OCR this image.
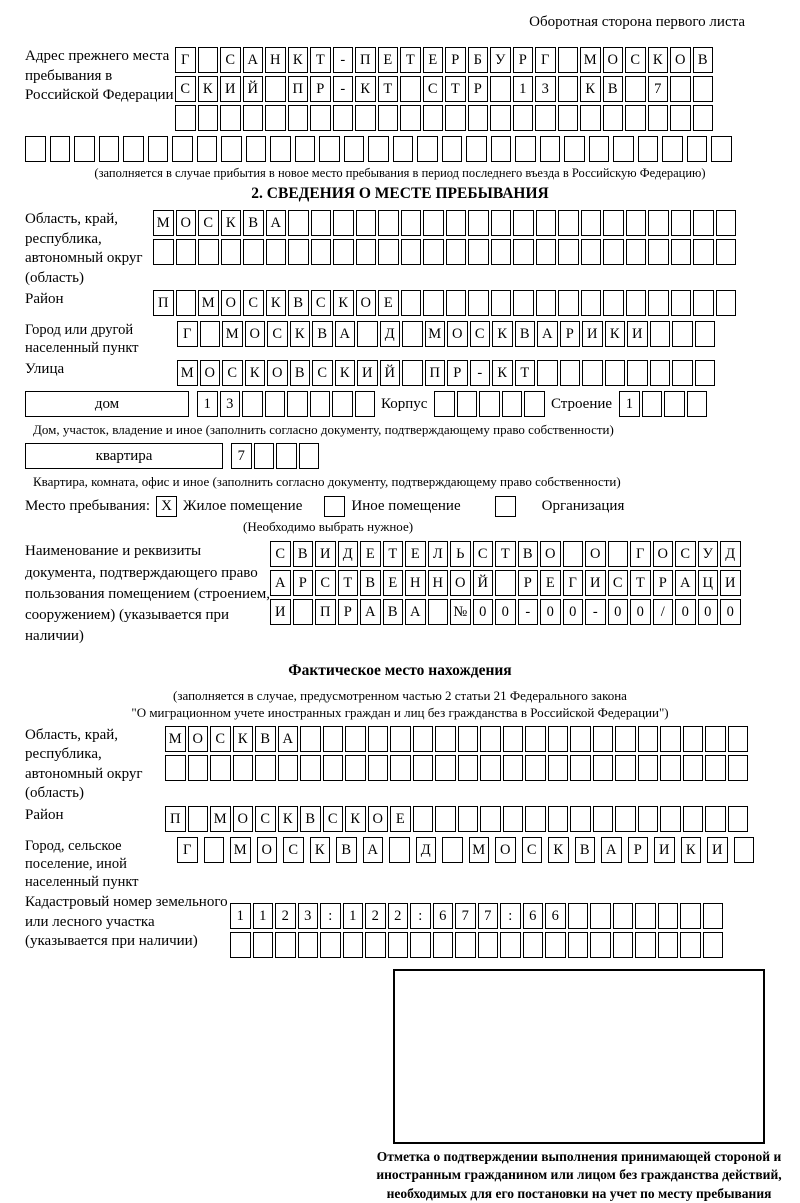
Оборотная сторона первого листа
Адрес прежнего места пребывания в Российской Федерации
Г С А Н К Т - П Е Т Е Р Б У Р Г М О С К О В
С К И Й П Р - К Т С Т Р	1 3	К В	7
(заполняется в случае прибытия в новое место пребывания в период последнего въезда в Российскую Федерацию)
2. СВЕДЕНИЯ О МЕСТЕ ПРЕБЫВАНИЯ
Область, край, республика, автономный округ (область)
М О С К В А
Район	П М О С К В С К О Е
Город или другой населенный пункт
Г М О С К В А Д М О С К В А Р И К И
Улица	М О С К О В С К И Й П Р - К Т
дом	1 3	Корпус	Строение 1
Дом, участок, владение и иное (заполнить согласно документу, подтверждающему право собственности)
квартира	7
Квартира, комната, офис и иное (заполнить согласно документу, подтверждающему право собственности)
Место пребывания: X Жилое помещение	Иное помещение	Организация
(Необходимо выбрать нужное)
Наименование и реквизиты документа, подтверждающего право пользования помещением (строением, сооружением) (указывается при наличии)
С В И Д Е Т Е Л Ь С Т В О О Г О С У Д
А Р С Т В Е Н Н О Й Р Е Г И С Т Р А Ц И
И П Р А В А № 0 0 - 0 0 - 0 0 / 0 0 0
Фактическое место нахождения
(заполняется в случае, предусмотренном частью 2 статьи 21 Федерального закона
"О миграционном учете иностранных граждан и лиц без гражданства в Российской Федерации")
Область, край, республика, автономный округ (область)
М О С К В А
Район	П М О С К В С К О Е
Город, сельское поселение, иной населенный пункт
Г	М О С К В А	Д	М О С К В А Р И К И
Кадастровый номер земельного или лесного участка (указывается при наличии)
1 1 2 3 : 1 2 2 : 6 7 7 : 6 6
Отметка о подтверждении выполнения принимающей стороной и иностранным гражданином или лицом без гражданства действий, необходимых для его постановки на учет по месту пребывания
